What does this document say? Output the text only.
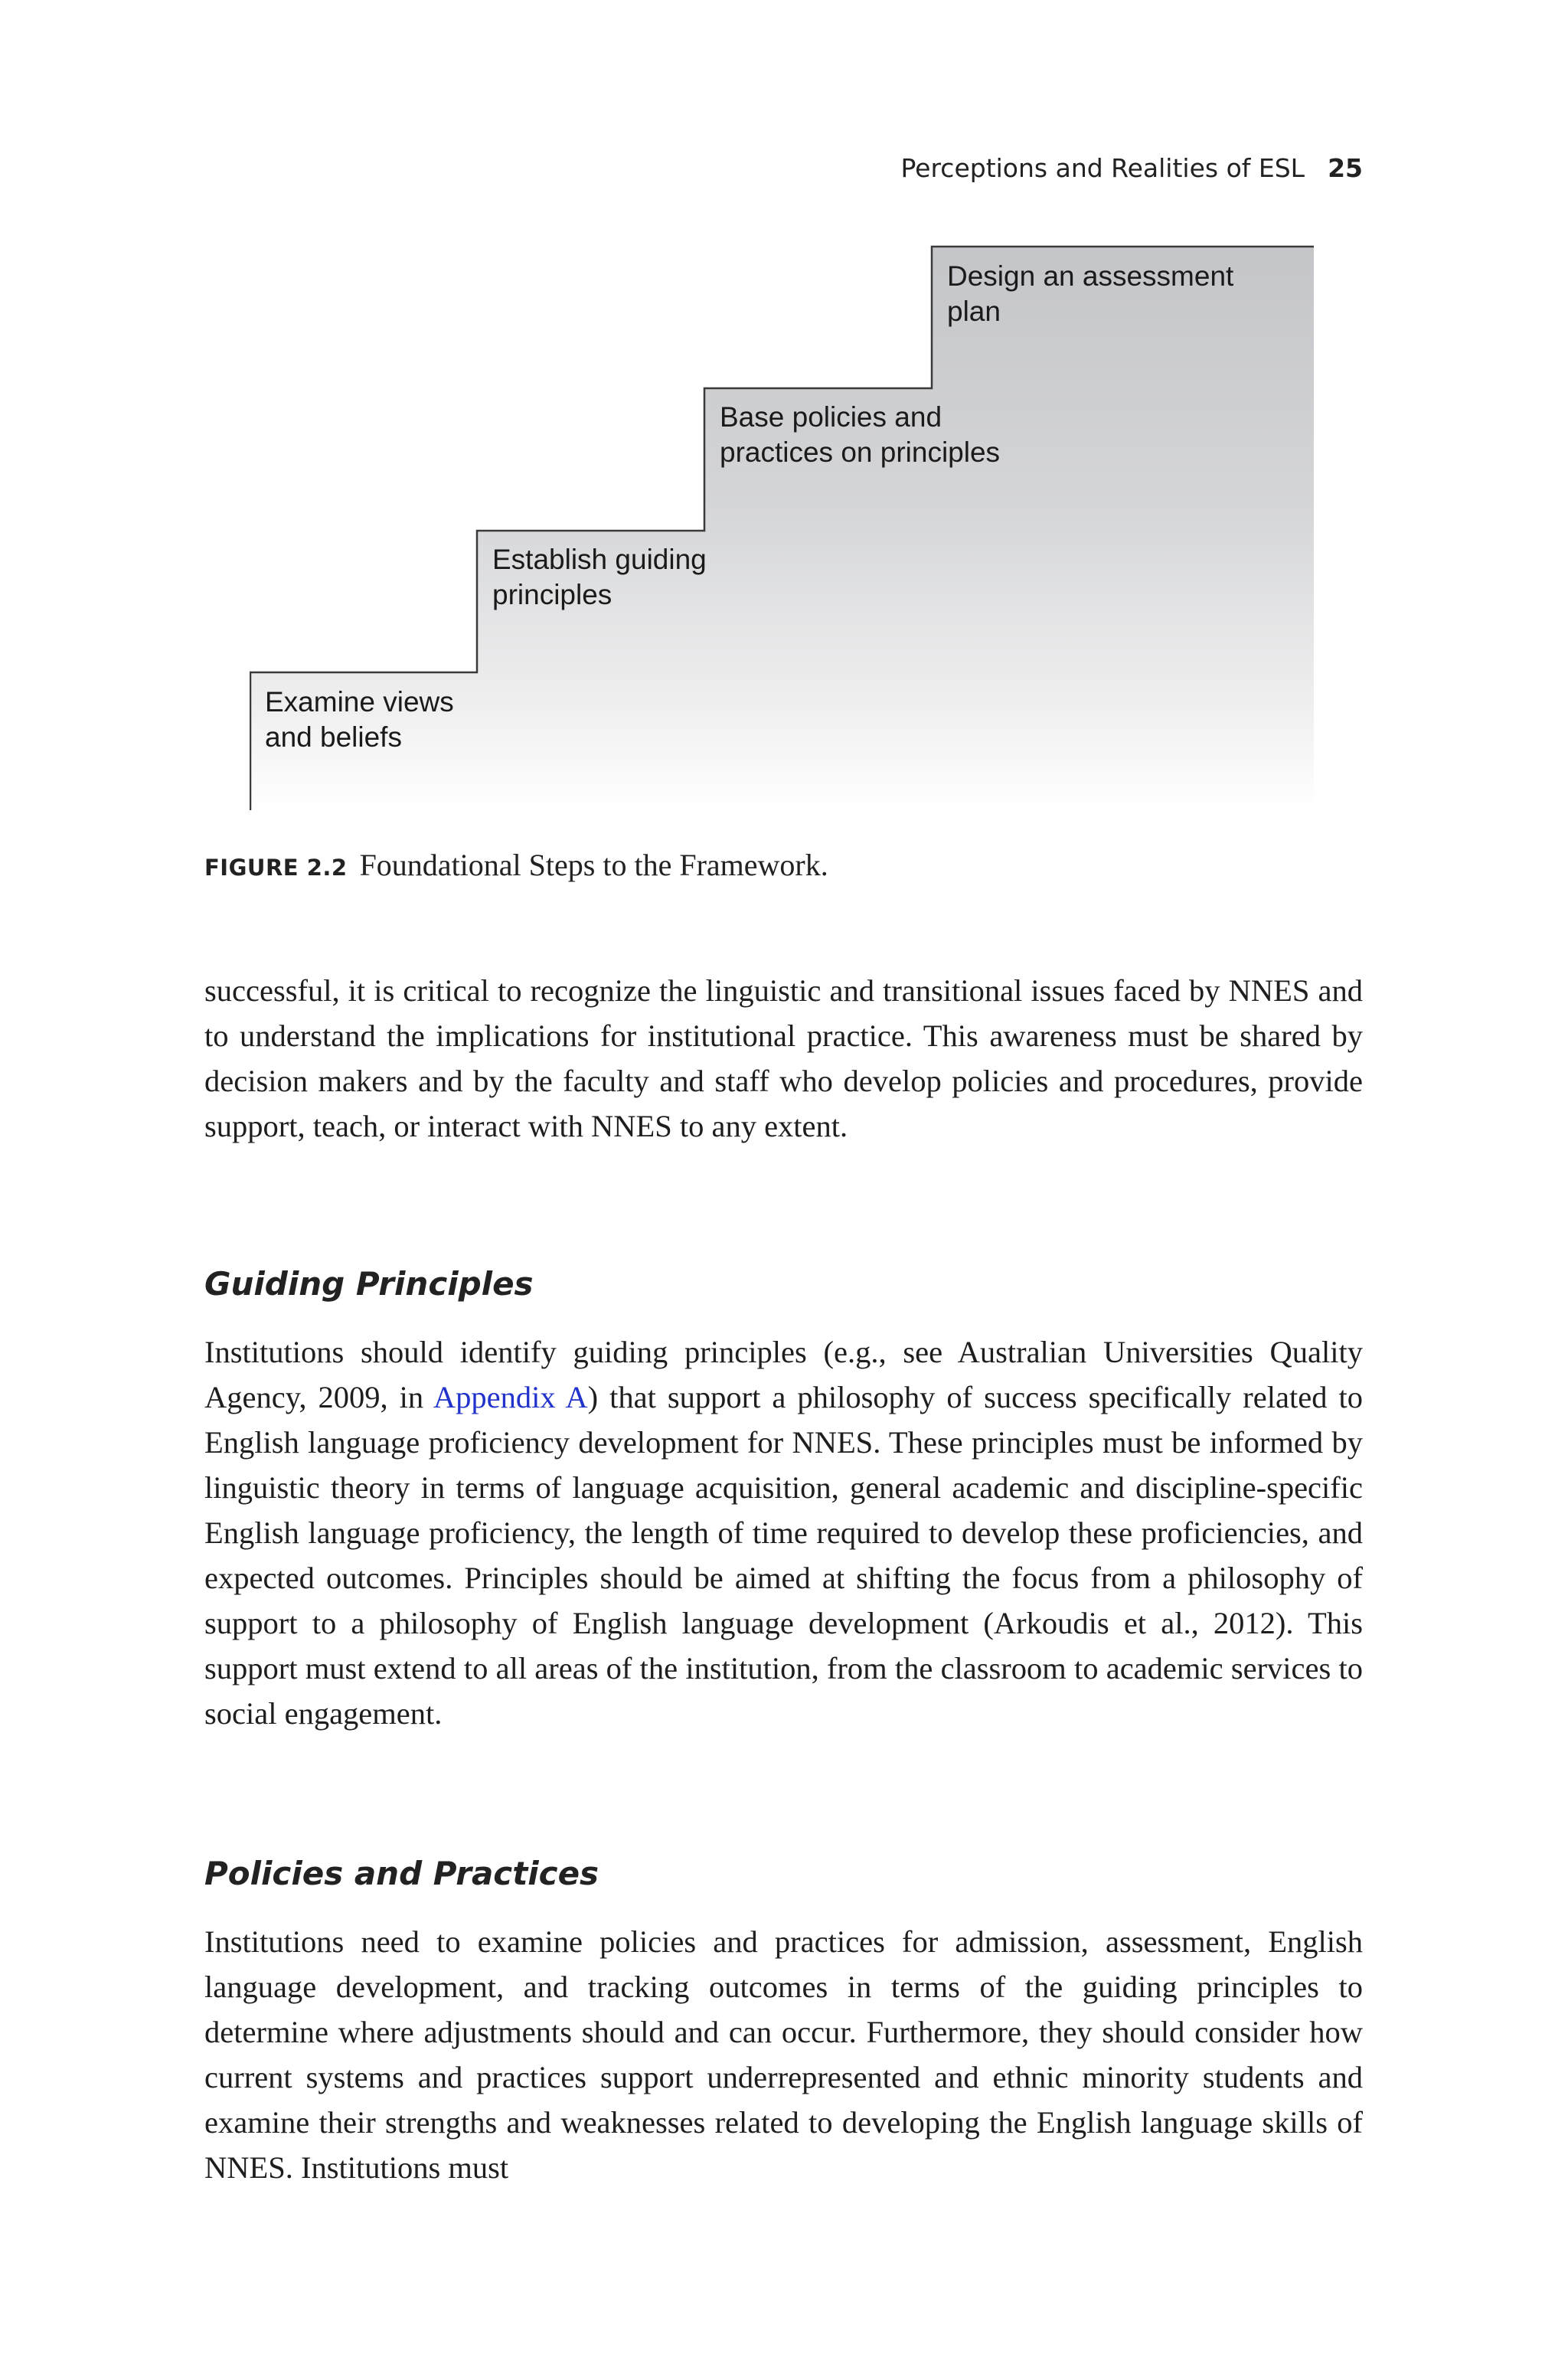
Perceptions and Realities of ESL 25
Examine views
and beliefs
Establish guiding
principles
Base policies and
practices on principles
Design an assessment
plan
FIGURE 2.2 Foundational Steps to the Framework.

successful, it is critical to recognize the linguistic and transitional issues faced by NNES and to understand the implications for institutional practice. This awareness must be shared by decision makers and by the faculty and staff who develop policies and procedures, provide support, teach, or interact with NNES to any extent.

Guiding Principles

Institutions should identify guiding principles (e.g., see Australian Universities Quality Agency, 2009, in Appendix A) that support a philosophy of success specifically related to English language proficiency development for NNES. These principles must be informed by linguistic theory in terms of language acquisition, general academic and discipline-specific English language proficiency, the length of time required to develop these proficiencies, and expected outcomes. Principles should be aimed at shifting the focus from a philosophy of support to a philosophy of English language development (Arkoudis et al., 2012). This support must extend to all areas of the institution, from the classroom to academic services to social engagement.

Policies and Practices

Institutions need to examine policies and practices for admission, assessment, English language development, and tracking outcomes in terms of the guiding principles to determine where adjustments should and can occur. Furthermore, they should consider how current systems and practices support underrepresented and ethnic minority students and examine their strengths and weaknesses related to developing the English language skills of NNES. Institutions must
